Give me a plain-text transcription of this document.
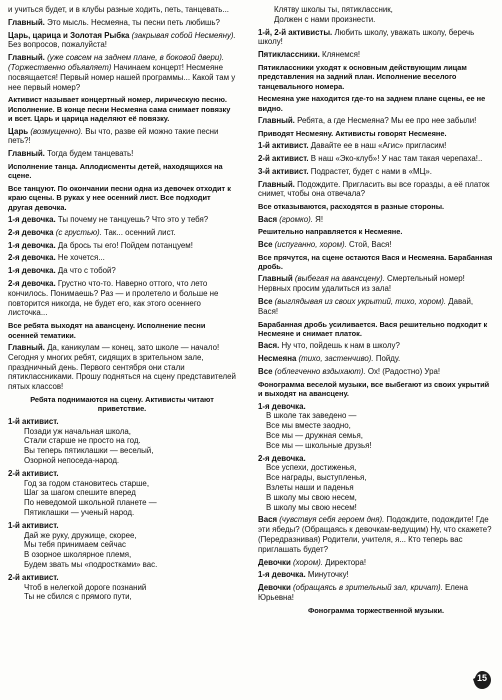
и учиться будет, и в клубы разные ходить, петь, танцевать...
Главный. Это мысль. Несмеяна, ты песни петь любишь?
Царь, царица и Золотая Рыбка (закрывая собой Несмеяну). Без вопросов, пожалуйста!
Главный. (уже совсем на заднем плане, в боковой двери). (Торжественно объявляет) Начинаем концерт! Несмеяне посвящается! Первый номер нашей программы... Какой там у нее первый номер?
Активист называет концертный номер, лирическую песню. Исполнение. В конце песни Несмеяна сама снимает повязку и всет. Царь и царица наделяют её повязку.
Царь (возмущенно). Вы что, разве ей можно такие песни петь?!
Главный. Тогда будем танцевать!
Исполнение танца. Аплодисменты детей, находящихся на сцене.
Все танцуют. По окончании песни одна из девочек отходит к краю сцены. В руках у нее осенний лист. Все подходит другая девочка.
1-я девочка. Ты почему не танцуешь? Что это у тебя?
2-я девочка (с грустью). Так... осенний лист.
1-я девочка. Да брось ты его! Пойдем потанцуем!
2-я девочка. Не хочется...
1-я девочка. Да что с тобой?
2-я девочка. Грустно что-то. Наверно оттого, что лето кончилось. Понимаешь? Раз — и пролетело и больше не повторится никогда, не будет его, как этого осеннего листочка...
Все ребята выходят на авансцену. Исполнение песни осенней тематики.
Главный. Да, каникулам — конец, зато школе — начало! Сегодня у многих ребят, сидящих в зрительном зале, праздничный день. Первого сентября они стали пятиклассниками. Прошу подняться на сцену представителей пятых классов!
Ребята поднимаются на сцену. Активисты читают приветствие.
1-й активист.
Позади уж начальная школа,
Стали старше не просто на год.
Вы теперь пятиклашки — веселый,
Озорной непоседа-народ.
2-й активист.
Год за годом становитесь старше,
Шаг за шагом спешите вперед
По неведомой школьной планете —
Пятиклашки — ученый народ.
1-й активист.
Дай же руку, дружище, скорее,
Мы тебя принимаем сейчас
В озорное школярное племя,
Будем звать мы «подростками» вас.
2-й активист.
Чтоб в нелегкой дороге познаний
Ты не сбился с прямого пути,
Клятву школы ты, пятиклассник,
Должен с нами произнести.
1-й, 2-й активисты. Любить школу, уважать школу, беречь школу!
Пятиклассники. Клянемся!
Пятиклассники уходят к основным действующим лицам представления на задний план. Исполнение веселого танцевального номера.
Несмеяна уже находится где-то на заднем плане сцены, ее не видно.
Главный. Ребята, а где Несмеяна? Мы ее про нее забыли!
Приводят Несмеяну. Активисты говорят Несмеяне.
1-й активист. Давайте ее в наш «Агис» пригласим!
2-й активист. В наш «Эко-клуб»! У нас там такая черепаха!..
3-й активист. Подрастет, будет с нами в «МЦ».
Главный. Подождите. Пригласить вы все горазды, а её платок снимет, чтобы она отвечала?
Все отказываются, расходятся в разные стороны.
Вася (громко). Я!
Решительно направляется к Несмеяне.
Все (испуганно, хором). Стой, Вася!
Все прячутся, на сцене остаются Вася и Несмеяна. Барабанная дробь.
Главный (выбегая на авансцену). Смертельный номер! Нервных просим удалиться из зала!
Все (выглядывая из своих укрытий, тихо, хором). Давай, Вася!
Барабанная дробь усиливается. Вася решительно подходит к Несмеяне и снимает платок.
Вася. Ну что, пойдешь к нам в школу?
Несмеяна (тихо, застенчиво). Пойду.
Все (облегченно вздыхают). Ох! (Радостно) Ура!
Фонограмма веселой музыки, все выбегают из своих укрытий и выходят на авансцену.
1-я девочка.
В школе так заведено —
Все мы вместе заодно,
Все мы — дружная семья,
Все мы — школьные друзья!
2-я девочка.
Все успехи, достиженья,
Все награды, выступленья,
Взлеты наши и паденья
В школу мы свою несем,
В школу мы свою несем!
Вася (чувствуя себя героем дня). Подождите, подождите! Где эти ябеды? (Обращаясь к девочкам-ведущим) Ну, что скажете? (Передразнивая) Родители, учителя, я... Кто теперь вас приглашать будет?
Девочки (хором). Директора!
1-я девочка. Минуточку!
Девочки (обращаясь в зрительный зал, кричат). Елена Юрьевна!
Фонограмма торжественной музыки.
15
